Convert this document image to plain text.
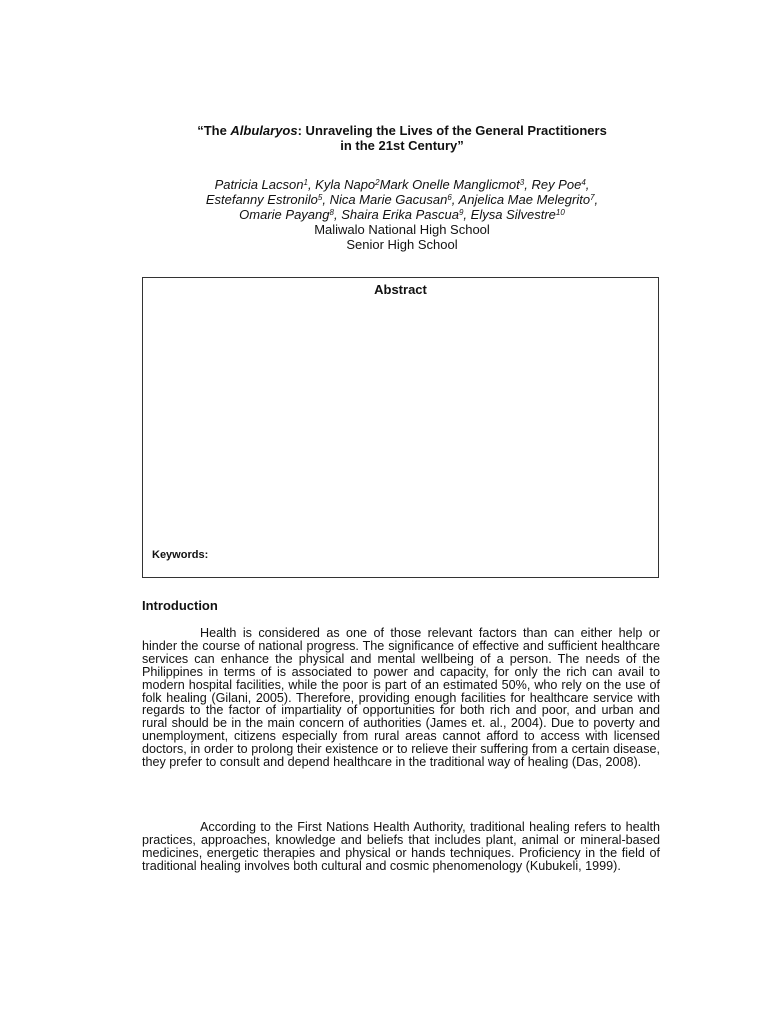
“The Albularyos: Unraveling the Lives of the General Practitioners
in the 21st Century”
Patricia Lacson$^1$, Kyla Napo$^2$Mark Onelle Manglicmot$^3$, Rey Poe$^4$,
Estefanny Estronilo$^5$, Nica Marie Gacusan$^6$, Anjelica Mae Melegrito$^7$,
Omarie Payang$^8$, Shaira Erika Pascua$^9$, Elysa Silvestre$^{10}$
Maliwalo National High School
Senior High School
Abstract
Keywords:
Introduction
Health is considered as one of those relevant factors than can either help or hinder the course of national progress. The significance of effective and sufficient healthcare services can enhance the physical and mental wellbeing of a person. The needs of the Philippines in terms of is associated to power and capacity, for only the rich can avail to modern hospital facilities, while the poor is part of an estimated 50%, who rely on the use of folk healing (Gilani, 2005). Therefore, providing enough facilities for healthcare service with regards to the factor of impartiality of opportunities for both rich and poor, and urban and rural should be in the main concern of authorities (James et. al., 2004). Due to poverty and unemployment, citizens especially from rural areas cannot afford to access with licensed doctors, in order to prolong their existence or to relieve their suffering from a certain disease, they prefer to consult and depend healthcare in the traditional way of healing (Das, 2008).
According to the First Nations Health Authority, traditional healing refers to health practices, approaches, knowledge and beliefs that includes plant, animal or mineral-based medicines, energetic therapies and physical or hands techniques. Proficiency in the field of traditional healing involves both cultural and cosmic phenomenology (Kubukeli, 1999).
